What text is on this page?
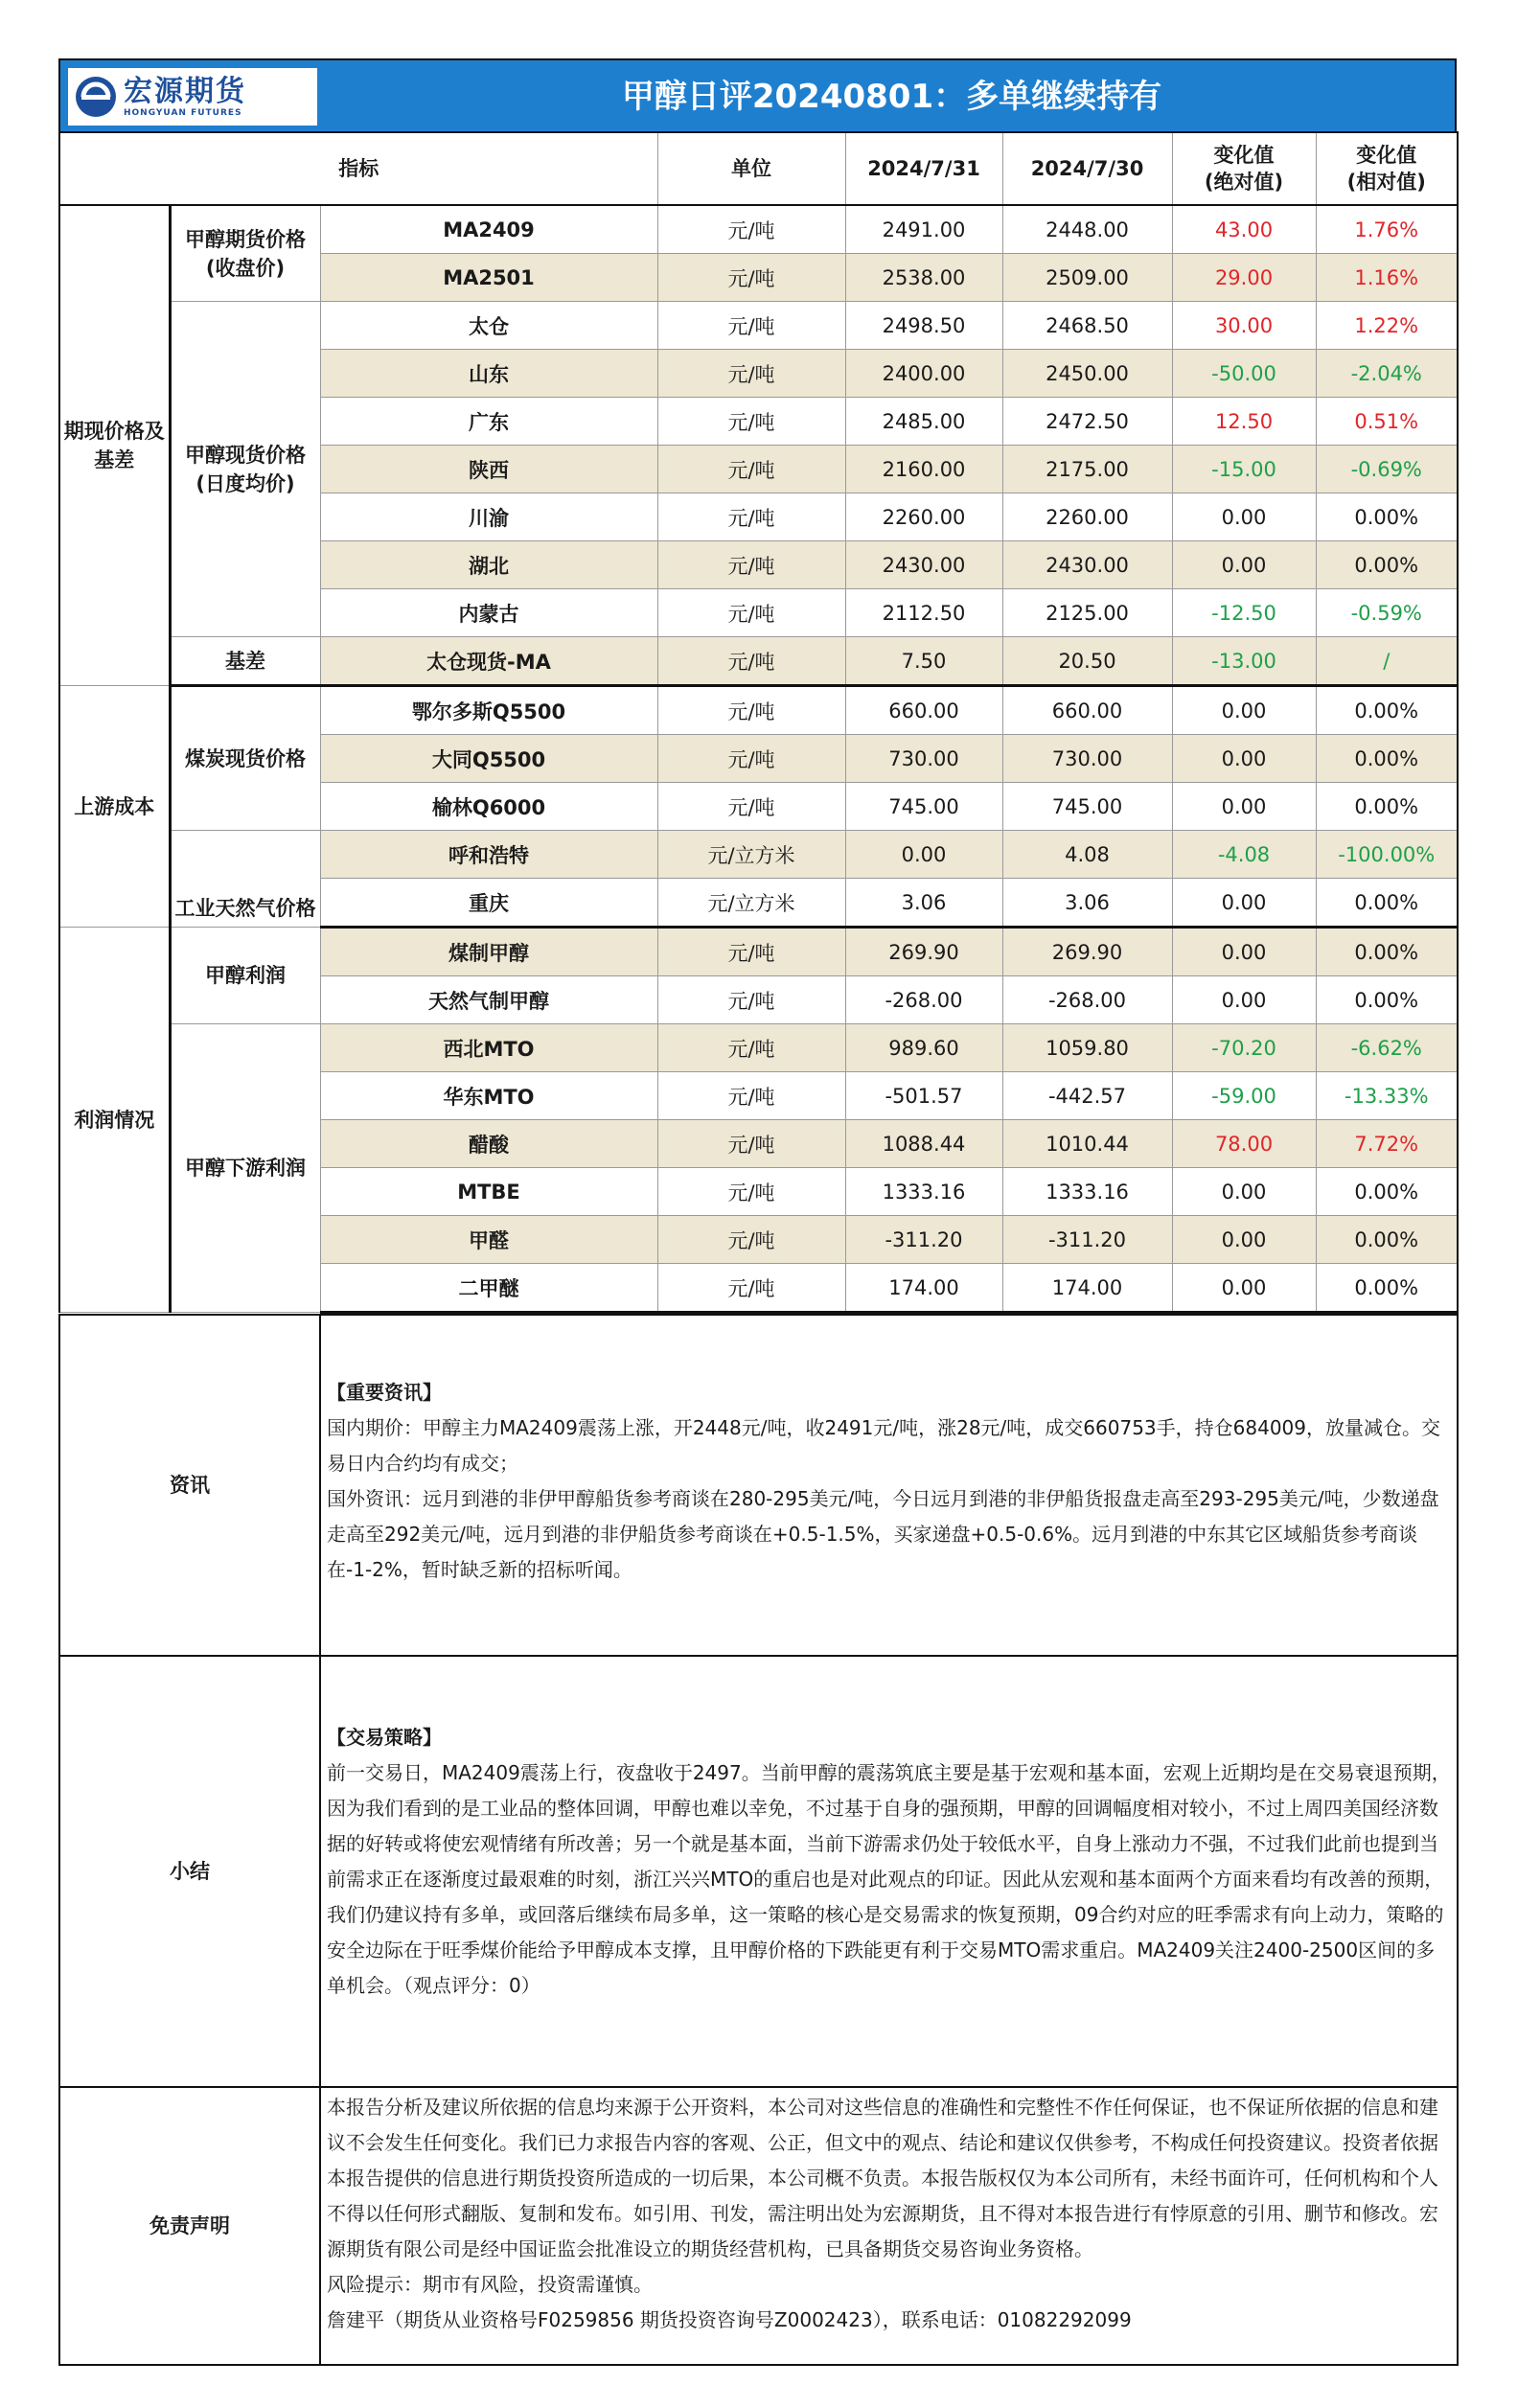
宏源期货
HONGYUAN FUTURES	甲醇日评20240801：多单继续持有
指标			单位	2024/7/31	2024/7/30	变化值
(绝对值)	变化值
(相对值)
期现价格及基差	甲醇期货价格(收盘价)	MA2409	元/吨	2491.00	2448.00	43.00	1.76%
		MA2501	元/吨	2538.00	2509.00	29.00	1.16%
	甲醇现货价格(日度均价)	太仓	元/吨	2498.50	2468.50	30.00	1.22%
		山东	元/吨	2400.00	2450.00	-50.00	-2.04%
		广东	元/吨	2485.00	2472.50	12.50	0.51%
		陕西	元/吨	2160.00	2175.00	-15.00	-0.69%
		川渝	元/吨	2260.00	2260.00	0.00	0.00%
		湖北	元/吨	2430.00	2430.00	0.00	0.00%
		内蒙古	元/吨	2112.50	2125.00	-12.50	-0.59%
	基差	太仓现货-MA	元/吨	7.50	20.50	-13.00	/
上游成本	煤炭现货价格	鄂尔多斯Q5500	元/吨	660.00	660.00	0.00	0.00%
		大同Q5500	元/吨	730.00	730.00	0.00	0.00%
		榆林Q6000	元/吨	745.00	745.00	0.00	0.00%
	工业天然气价格	呼和浩特	元/立方米	0.00	4.08	-4.08	-100.00%
		重庆	元/立方米	3.06	3.06	0.00	0.00%
利润情况	甲醇利润	煤制甲醇	元/吨	269.90	269.90	0.00	0.00%
		天然气制甲醇	元/吨	-268.00	-268.00	0.00	0.00%
	甲醇下游利润	西北MTO	元/吨	989.60	1059.80	-70.20	-6.62%
		华东MTO	元/吨	-501.57	-442.57	-59.00	-13.33%
		醋酸	元/吨	1088.44	1010.44	78.00	7.72%
		MTBE	元/吨	1333.16	1333.16	0.00	0.00%
		甲醛	元/吨	-311.20	-311.20	0.00	0.00%
		二甲醚	元/吨	174.00	174.00	0.00	0.00%
资讯	【重要资讯】

国内期价：甲醇主力MA2409震荡上涨，开2448元/吨，收2491元/吨，涨28元/吨，成交660753手，持仓684009，放量减仓。交易日内合约均有成交；

国外资讯：远月到港的非伊甲醇船货参考商谈在280-295美元/吨，今日远月到港的非伊船货报盘走高至293-295美元/吨，少数递盘走高至292美元/吨，远月到港的非伊船货参考商谈在+0.5-1.5%，买家递盘+0.5-0.6%。远月到港的中东其它区域船货参考商谈在-1-2%，暂时缺乏新的招标听闻。

小结	【交易策略】

前一交易日，MA2409震荡上行，夜盘收于2497。当前甲醇的震荡筑底主要是基于宏观和基本面，宏观上近期均是在交易衰退预期，因为我们看到的是工业品的整体回调，甲醇也难以幸免，不过基于自身的强预期，甲醇的回调幅度相对较小，不过上周四美国经济数据的好转或将使宏观情绪有所改善；另一个就是基本面，当前下游需求仍处于较低水平，自身上涨动力不强，不过我们此前也提到当前需求正在逐渐度过最艰难的时刻，浙江兴兴MTO的重启也是对此观点的印证。因此从宏观和基本面两个方面来看均有改善的预期，我们仍建议持有多单，或回落后继续布局多单，这一策略的核心是交易需求的恢复预期，09合约对应的旺季需求有向上动力，策略的安全边际在于旺季煤价能给予甲醇成本支撑，且甲醇价格的下跌能更有利于交易MTO需求重启。MA2409关注2400-2500区间的多单机会。（观点评分：0）

免责声明	本报告分析及建议所依据的信息均来源于公开资料，本公司对这些信息的准确性和完整性不作任何保证，也不保证所依据的信息和建议不会发生任何变化。我们已力求报告内容的客观、公正，但文中的观点、结论和建议仅供参考，不构成任何投资建议。投资者依据本报告提供的信息进行期货投资所造成的一切后果，本公司概不负责。本报告版权仅为本公司所有，未经书面许可，任何机构和个人不得以任何形式翻版、复制和发布。如引用、刊发，需注明出处为宏源期货，且不得对本报告进行有悖原意的引用、删节和修改。宏源期货有限公司是经中国证监会批准设立的期货经营机构，已具备期货交易咨询业务资格。

风险提示：期市有风险，投资需谨慎。

詹建平（期货从业资格号F0259856 期货投资咨询号Z0002423），联系电话：01082292099
